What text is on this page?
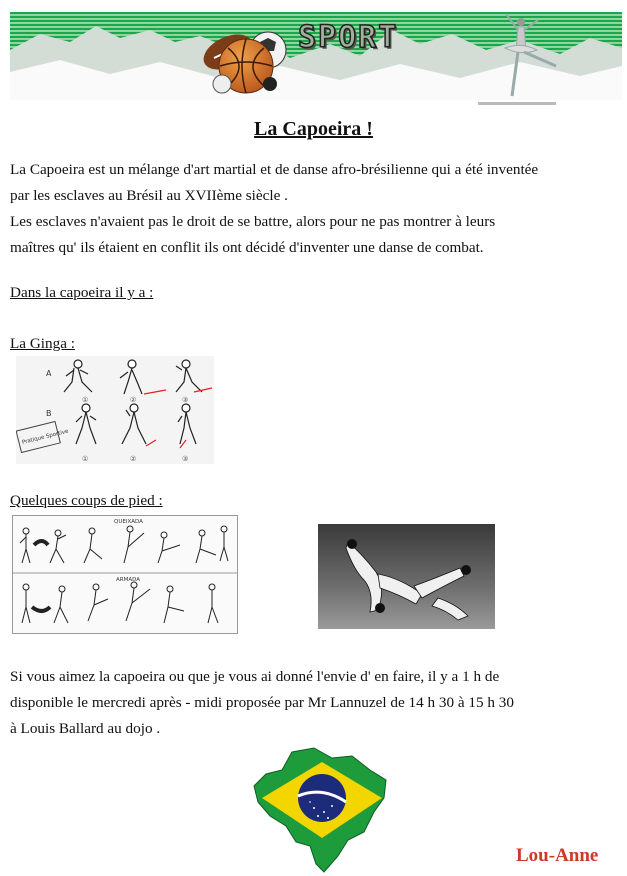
SPORT
La Capoeira !
La Capoeira est un mélange d'art martial et de danse afro-brésilienne qui a été inventée
par les esclaves au Brésil au XVIIème siècle .
Les esclaves n'avaient pas le droit de se battre, alors pour ne pas montrer à leurs
maîtres qu' ils étaient en conflit ils ont décidé d'inventer une danse de combat.
Dans la capoeira il y a :
La Ginga :
A
B
①	②	③
①	②	③
Pratique Sportive
Quelques coups de pied :
QUEIXADA
ARMADA
Si vous aimez la capoeira ou que je vous ai donné l'envie d' en faire, il y a 1 h de
disponible le mercredi après - midi proposée par Mr Lannuzel de 14 h 30 à 15 h 30
à Louis Ballard au dojo .
Lou-Anne
